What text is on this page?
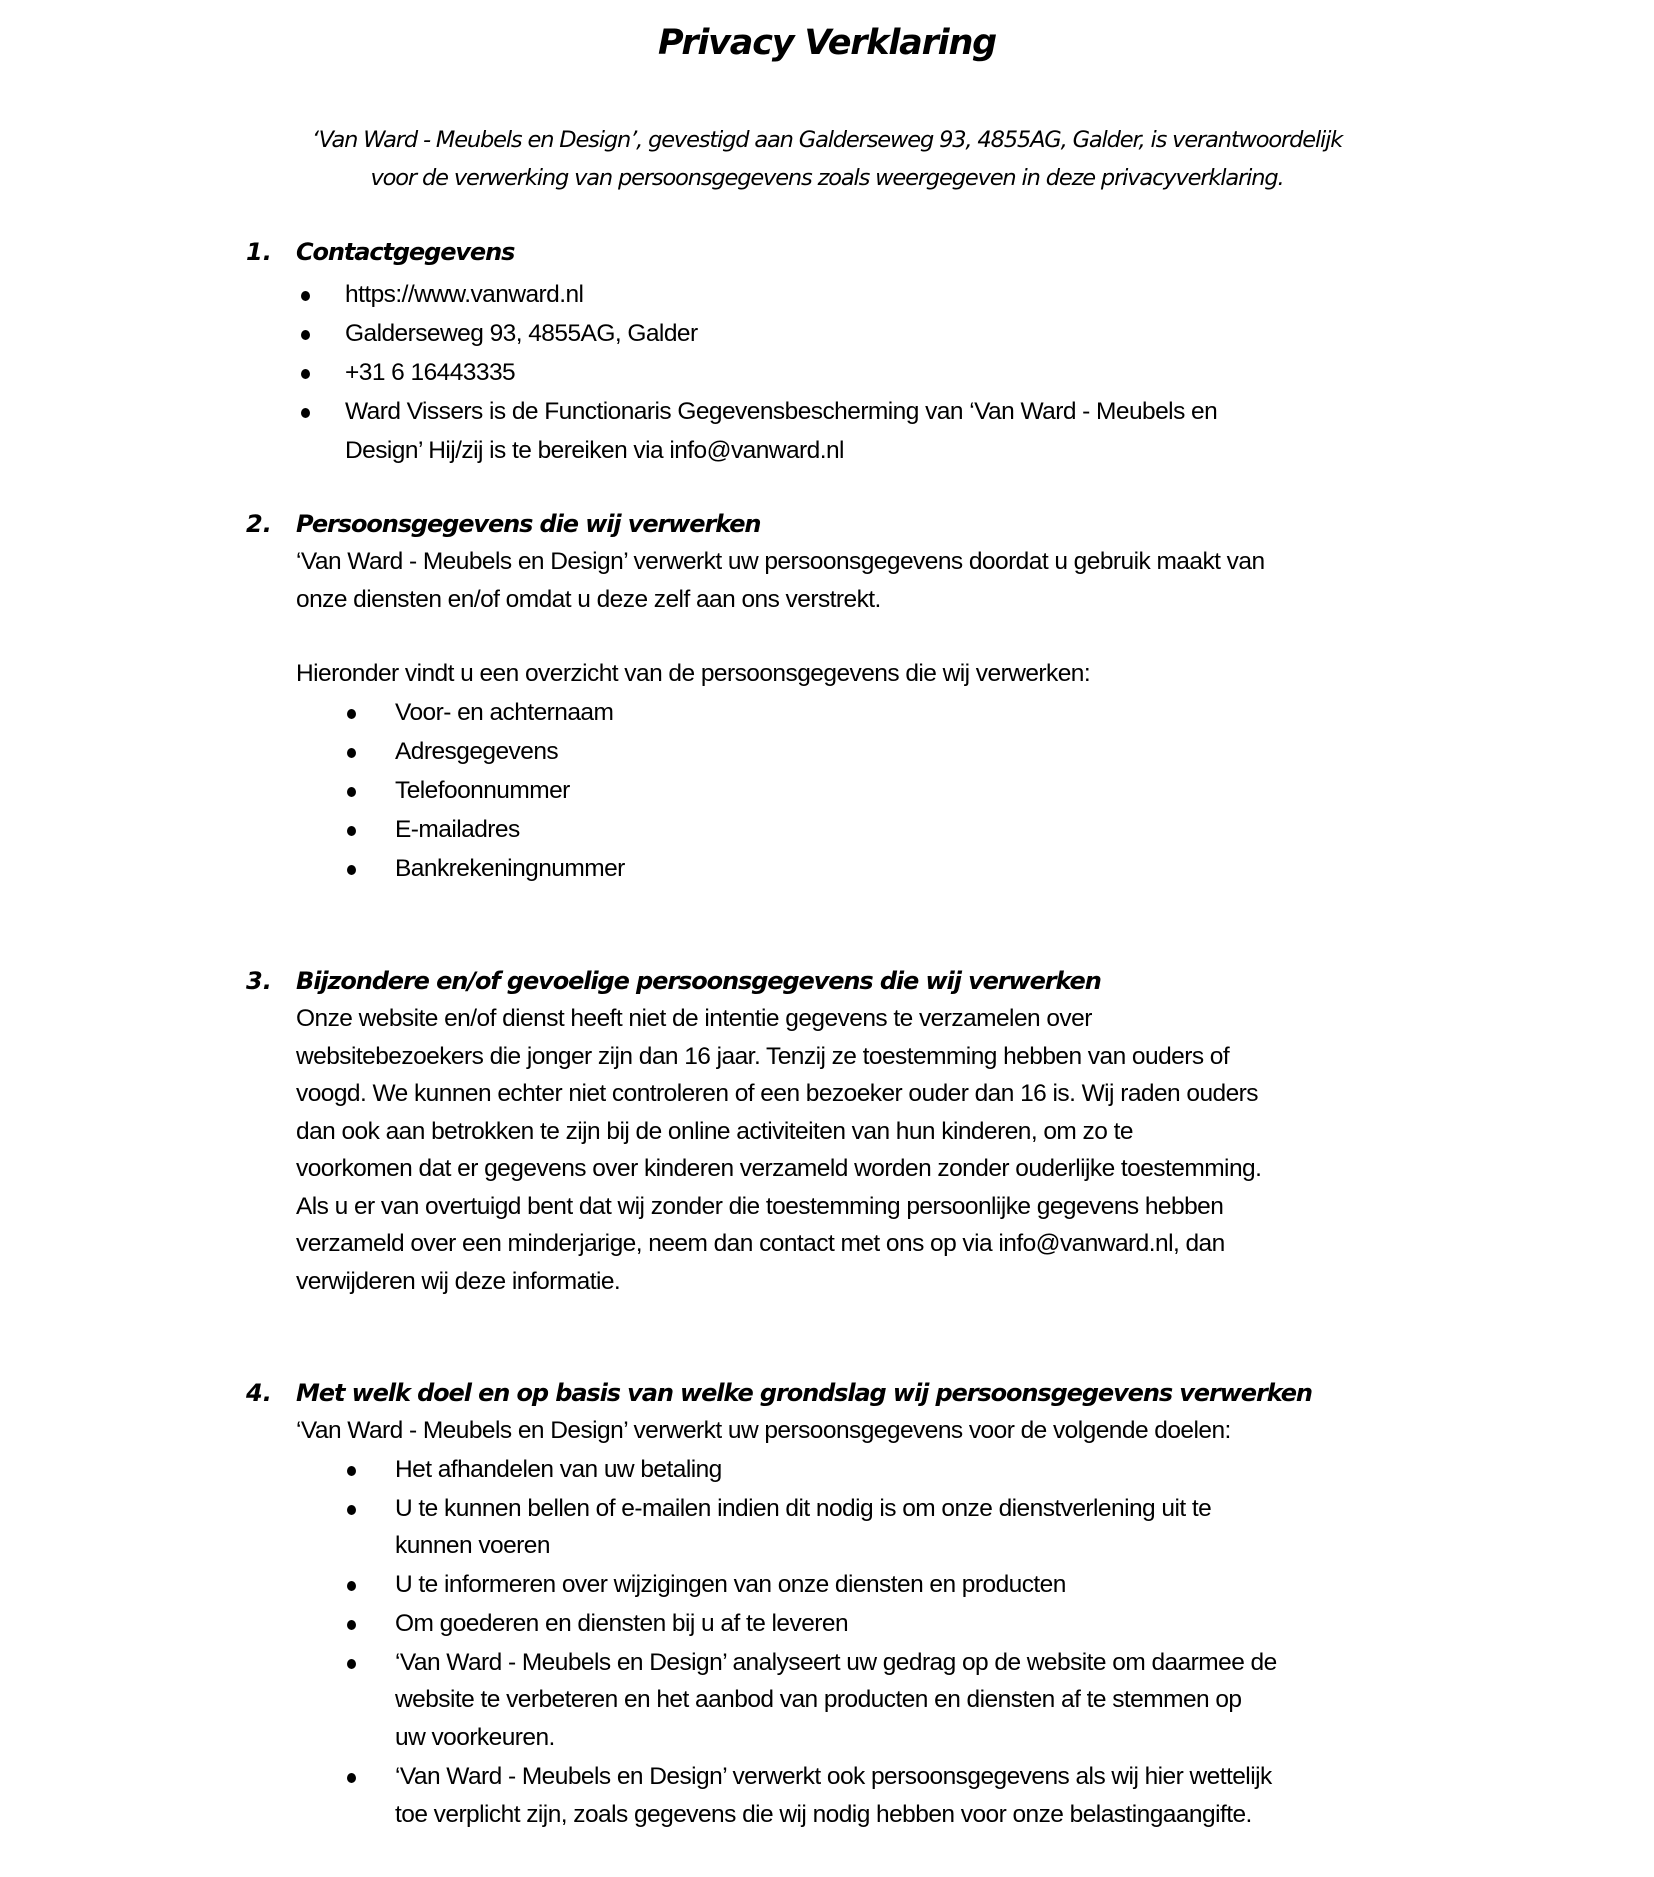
Privacy Verklaring
‘Van Ward - Meubels en Design’, gevestigd aan Galderseweg 93, 4855AG, Galder, is verantwoordelijk
voor de verwerking van persoonsgegevens zoals weergegeven in deze privacyverklaring.
1. Contactgegevens
https://www.vanward.nl
Galderseweg 93, 4855AG, Galder
+31 6 16443335
Ward Vissers is de Functionaris Gegevensbescherming van ‘Van Ward - Meubels en
Design’ Hij/zij is te bereiken via info@vanward.nl
2. Persoonsgegevens die wij verwerken
‘Van Ward - Meubels en Design’ verwerkt uw persoonsgegevens doordat u gebruik maakt van
onze diensten en/of omdat u deze zelf aan ons verstrekt.
Hieronder vindt u een overzicht van de persoonsgegevens die wij verwerken:
Voor- en achternaam
Adresgegevens
Telefoonnummer
E-mailadres
Bankrekeningnummer
3. Bijzondere en/of gevoelige persoonsgegevens die wij verwerken
Onze website en/of dienst heeft niet de intentie gegevens te verzamelen over
websitebezoekers die jonger zijn dan 16 jaar. Tenzij ze toestemming hebben van ouders of
voogd. We kunnen echter niet controleren of een bezoeker ouder dan 16 is. Wij raden ouders
dan ook aan betrokken te zijn bij de online activiteiten van hun kinderen, om zo te
voorkomen dat er gegevens over kinderen verzameld worden zonder ouderlijke toestemming.
Als u er van overtuigd bent dat wij zonder die toestemming persoonlijke gegevens hebben
verzameld over een minderjarige, neem dan contact met ons op via info@vanward.nl, dan
verwijderen wij deze informatie.
4. Met welk doel en op basis van welke grondslag wij persoonsgegevens verwerken
‘Van Ward - Meubels en Design’ verwerkt uw persoonsgegevens voor de volgende doelen:
Het afhandelen van uw betaling
U te kunnen bellen of e-mailen indien dit nodig is om onze dienstverlening uit te
kunnen voeren
U te informeren over wijzigingen van onze diensten en producten
Om goederen en diensten bij u af te leveren
‘Van Ward - Meubels en Design’ analyseert uw gedrag op de website om daarmee de
website te verbeteren en het aanbod van producten en diensten af te stemmen op
uw voorkeuren.
‘Van Ward - Meubels en Design’ verwerkt ook persoonsgegevens als wij hier wettelijk
toe verplicht zijn, zoals gegevens die wij nodig hebben voor onze belastingaangifte.
